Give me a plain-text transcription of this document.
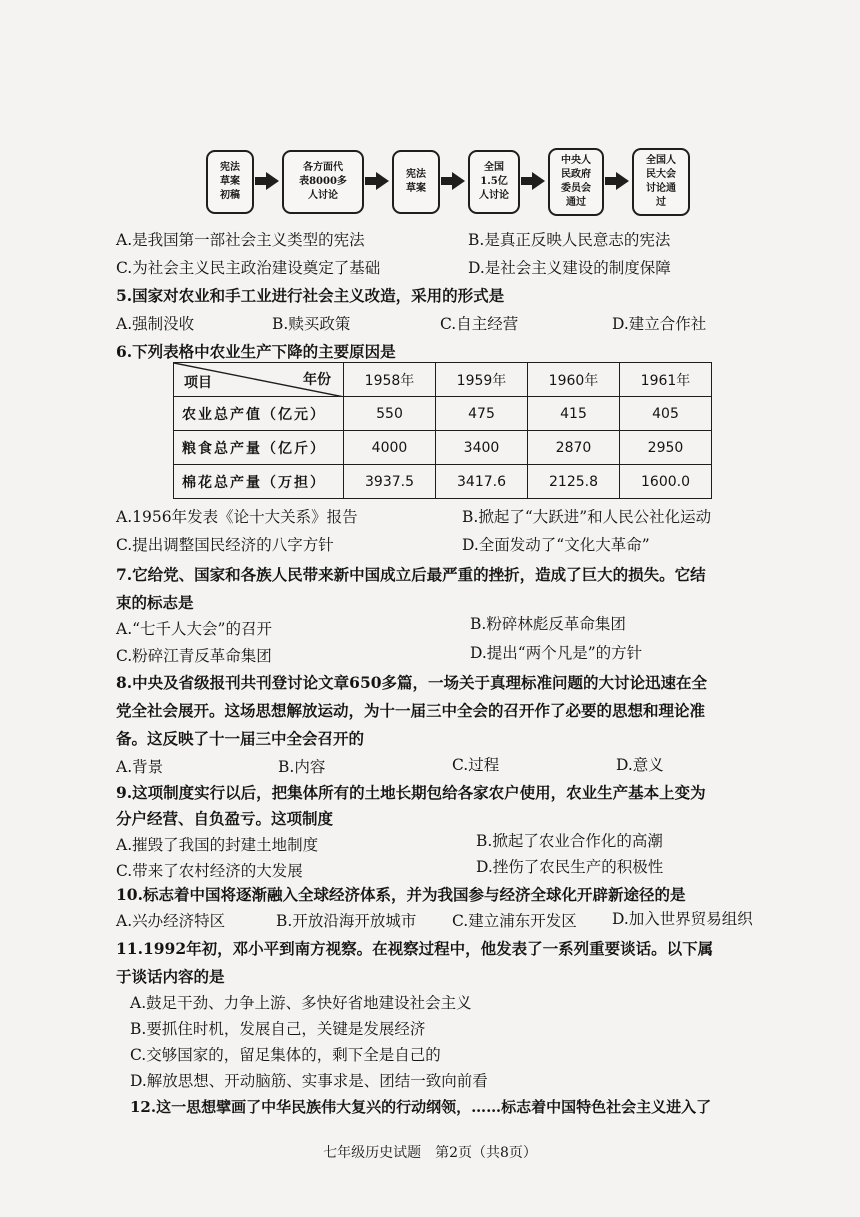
宪法
草案
初稿
各方面代
表8000多
人讨论
宪法
草案
全国
1.5亿
人讨论
中央人
民政府
委员会
通过
全国人
民大会
讨论通
过
A.是我国第一部社会主义类型的宪法	B.是真正反映人民意志的宪法
C.为社会主义民主政治建设奠定了基础	D.是社会主义建设的制度保障
5.国家对农业和手工业进行社会主义改造，采用的形式是
A.强制没收	B.赎买政策	C.自主经营	D.建立合作社
6.下列表格中农业生产下降的主要原因是
项目 年份	1958年	1959年	1960年	1961年
农业总产值（亿元）	550	475	415	405
粮食总产量（亿斤）	4000	3400	2870	2950
棉花总产量（万担）	3937.5	3417.6	2125.8	1600.0
A.1956年发表《论十大关系》报告	B.掀起了“大跃进”和人民公社化运动
C.提出调整国民经济的八字方针	D.全面发动了“文化大革命”
7.它给党、国家和各族人民带来新中国成立后最严重的挫折，造成了巨大的损失。它结
束的标志是
A.“七千人大会”的召开	B.粉碎林彪反革命集团
C.粉碎江青反革命集团	D.提出“两个凡是”的方针
8.中央及省级报刊共刊登讨论文章650多篇，一场关于真理标准问题的大讨论迅速在全
党全社会展开。这场思想解放运动，为十一届三中全会的召开作了必要的思想和理论准
备。这反映了十一届三中全会召开的
A.背景	B.内容	C.过程	D.意义
9.这项制度实行以后，把集体所有的土地长期包给各家农户使用，农业生产基本上变为
分户经营、自负盈亏。这项制度
A.摧毁了我国的封建土地制度	B.掀起了农业合作化的高潮
C.带来了农村经济的大发展	D.挫伤了农民生产的积极性
10.标志着中国将逐渐融入全球经济体系，并为我国参与经济全球化开辟新途径的是
A.兴办经济特区	B.开放沿海开放城市 C.建立浦东开发区 D.加入世界贸易组织
11.1992年初，邓小平到南方视察。在视察过程中，他发表了一系列重要谈话。以下属
于谈话内容的是
A.鼓足干劲、力争上游、多快好省地建设社会主义
B.要抓住时机，发展自己，关键是发展经济
C.交够国家的，留足集体的，剩下全是自己的
D.解放思想、开动脑筋、实事求是、团结一致向前看
12.这一思想擘画了中华民族伟大复兴的行动纲领，……标志着中国特色社会主义进入了
七年级历史试题　第2页（共8页）
